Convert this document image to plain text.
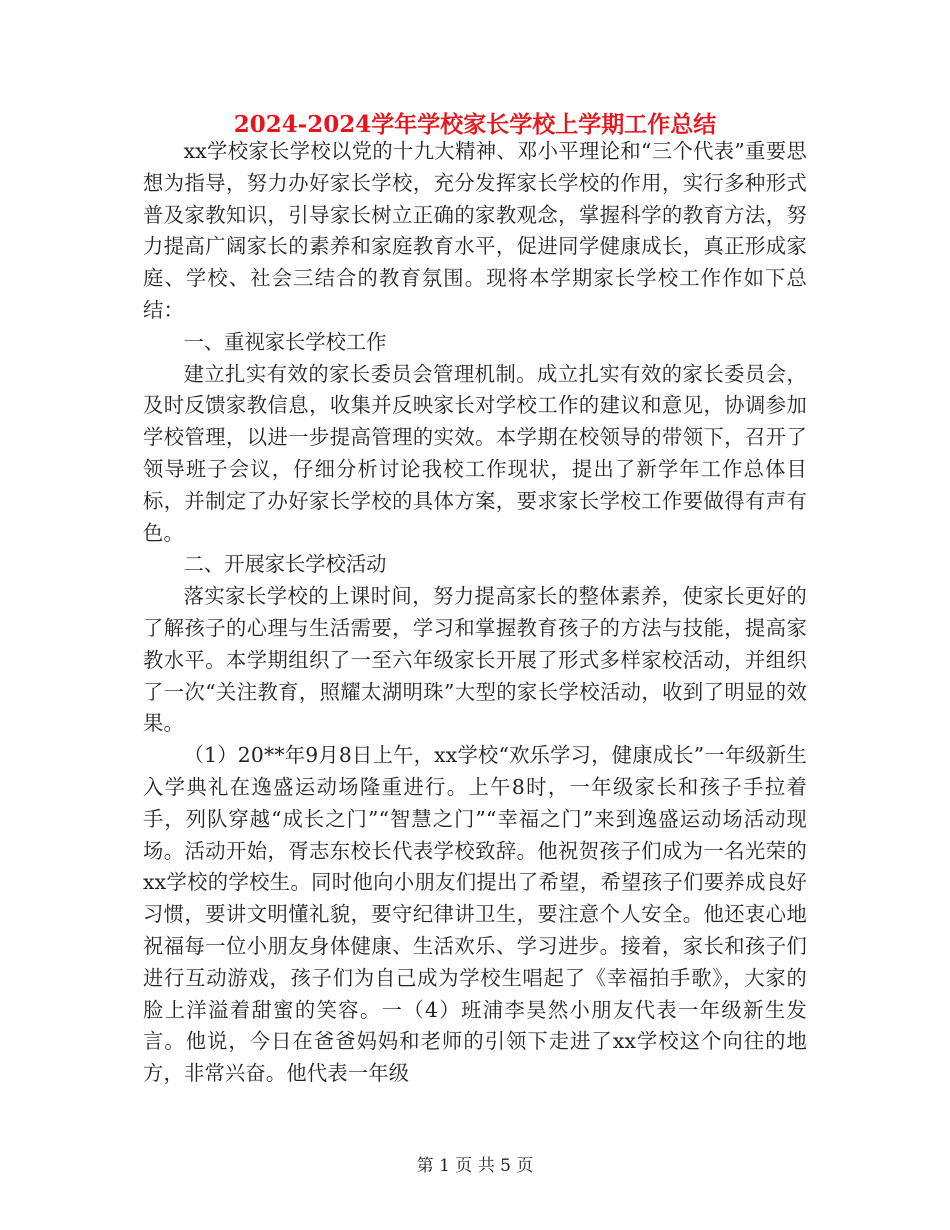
2024-2024学年学校家长学校上学期工作总结

xx学校家长学校以党的十九大精神、邓小平理论和“三个代表”重要思想为指导，努力办好家长学校，充分发挥家长学校的作用，实行多种形式普及家教知识，引导家长树立正确的家教观念，掌握科学的教育方法，努力提高广阔家长的素养和家庭教育水平，促进同学健康成长，真正形成家庭、学校、社会三结合的教育氛围。现将本学期家长学校工作作如下总结：

一、重视家长学校工作

建立扎实有效的家长委员会管理机制。成立扎实有效的家长委员会，及时反馈家教信息，收集并反映家长对学校工作的建议和意见，协调参加学校管理，以进一步提高管理的实效。本学期在校领导的带领下，召开了领导班子会议，仔细分析讨论我校工作现状，提出了新学年工作总体目标，并制定了办好家长学校的具体方案，要求家长学校工作要做得有声有色。

二、开展家长学校活动

落实家长学校的上课时间，努力提高家长的整体素养，使家长更好的了解孩子的心理与生活需要，学习和掌握教育孩子的方法与技能，提高家教水平。本学期组织了一至六年级家长开展了形式多样家校活动，并组织了一次“关注教育，照耀太湖明珠”大型的家长学校活动，收到了明显的效果。

（1）20**年9月8日上午，xx学校“欢乐学习，健康成长”一年级新生入学典礼在逸盛运动场隆重进行。上午8时，一年级家长和孩子手拉着手，列队穿越“成长之门”“智慧之门”“幸福之门”来到逸盛运动场活动现场。活动开始，胥志东校长代表学校致辞。他祝贺孩子们成为一名光荣的xx学校的学校生。同时他向小朋友们提出了希望，希望孩子们要养成良好习惯，要讲文明懂礼貌，要守纪律讲卫生，要注意个人安全。他还衷心地祝福每一位小朋友身体健康、生活欢乐、学习进步。接着，家长和孩子们进行互动游戏，孩子们为自己成为学校生唱起了《幸福拍手歌》，大家的脸上洋溢着甜蜜的笑容。一（4）班浦李昊然小朋友代表一年级新生发言。他说，今日在爸爸妈妈和老师的引领下走进了xx学校这个向往的地方，非常兴奋。他代表一年级

第 1 页 共 5 页
